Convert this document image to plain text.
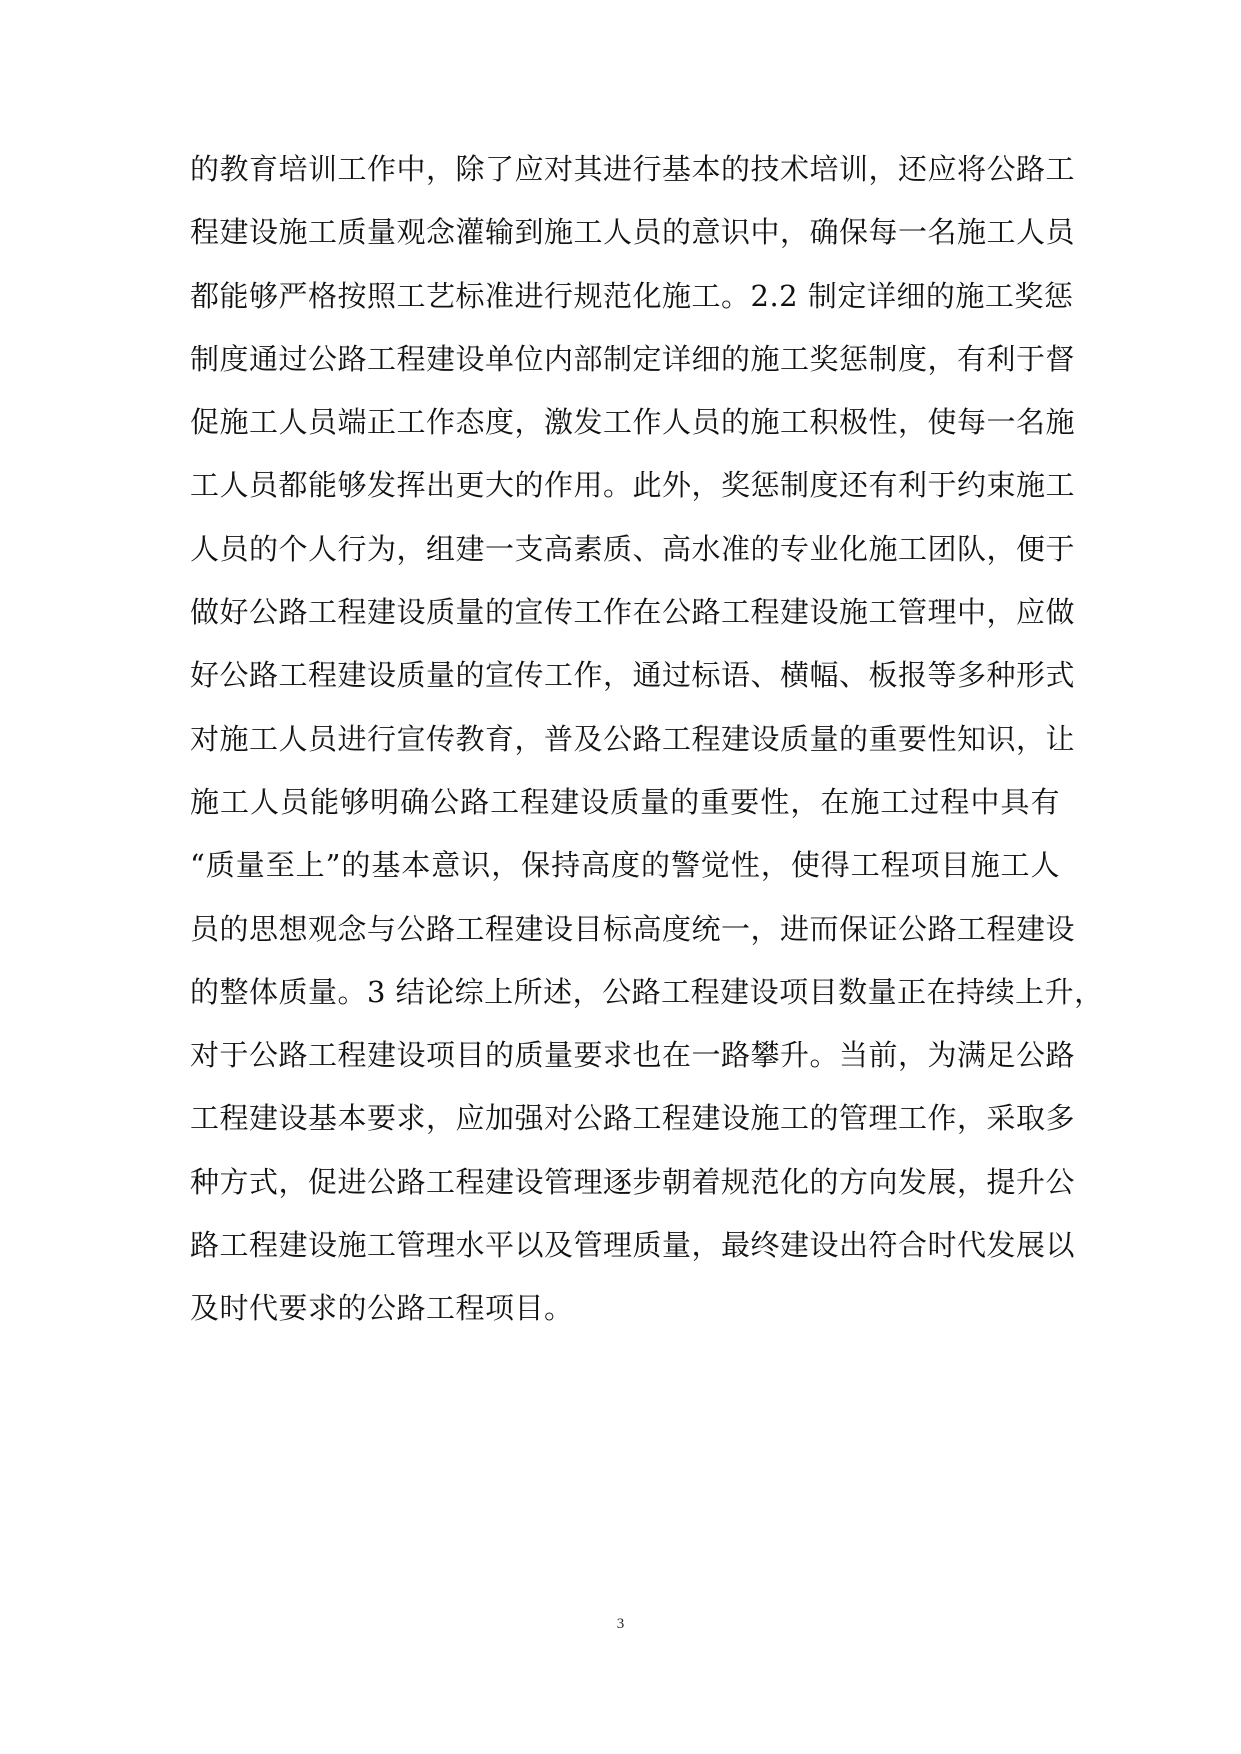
的教育培训工作中，除了应对其进行基本的技术培训，还应将公路工
程建设施工质量观念灌输到施工人员的意识中，确保每一名施工人员
都能够严格按照工艺标准进行规范化施工。2.2 制定详细的施工奖惩
制度通过公路工程建设单位内部制定详细的施工奖惩制度，有利于督
促施工人员端正工作态度，激发工作人员的施工积极性，使每一名施
工人员都能够发挥出更大的作用。此外，奖惩制度还有利于约束施工
人员的个人行为，组建一支高素质、高水准的专业化施工团队，便于
做好公路工程建设质量的宣传工作在公路工程建设施工管理中，应做
好公路工程建设质量的宣传工作，通过标语、横幅、板报等多种形式
对施工人员进行宣传教育，普及公路工程建设质量的重要性知识，让
施工人员能够明确公路工程建设质量的重要性，在施工过程中具有
“质量至上”的基本意识，保持高度的警觉性，使得工程项目施工人
员的思想观念与公路工程建设目标高度统一，进而保证公路工程建设
的整体质量。3 结论综上所述，公路工程建设项目数量正在持续上升，
对于公路工程建设项目的质量要求也在一路攀升。当前，为满足公路
工程建设基本要求，应加强对公路工程建设施工的管理工作，采取多
种方式，促进公路工程建设管理逐步朝着规范化的方向发展，提升公
路工程建设施工管理水平以及管理质量，最终建设出符合时代发展以
及时代要求的公路工程项目。
3
